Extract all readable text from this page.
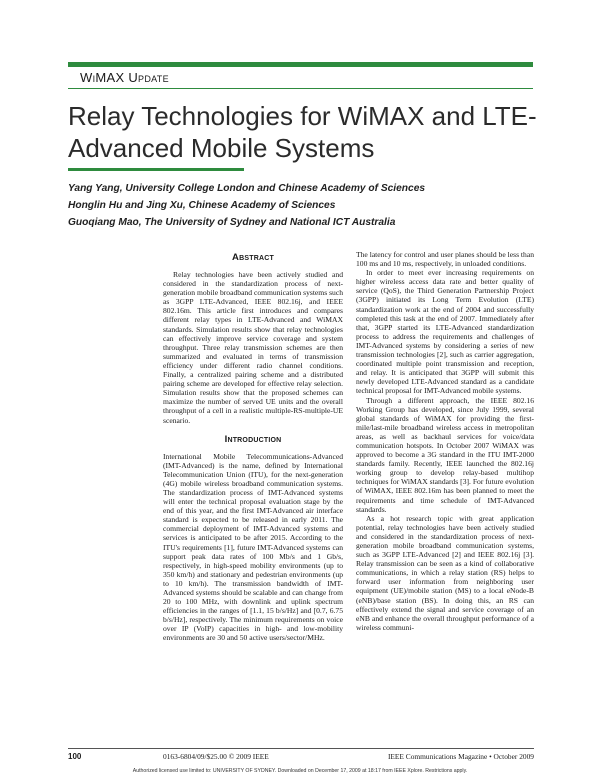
WiMAX Update
Relay Technologies for WiMAX and LTE-Advanced Mobile Systems
Yang Yang, University College London and Chinese Academy of Sciences
Honglin Hu and Jing Xu, Chinese Academy of Sciences
Guoqiang Mao, The University of Sydney and National ICT Australia
Abstract

Relay technologies have been actively studied and considered in the standardization process of next-generation mobile broadband communication systems such as 3GPP LTE-Advanced, IEEE 802.16j, and IEEE 802.16m. This article first introduces and compares different relay types in LTE-Advanced and WiMAX standards. Simulation results show that relay technologies can effectively improve service coverage and system throughput. Three relay transmission schemes are then summarized and evaluated in terms of transmission efficiency under different radio channel conditions. Finally, a centralized pairing scheme and a distributed pairing scheme are developed for effective relay selection. Simulation results show that the proposed schemes can maximize the number of served UE units and the overall throughput of a cell in a realistic multiple-RS-multiple-UE scenario.

Introduction

International Mobile Telecommunications-Advanced (IMT-Advanced) is the name, defined by International Telecommunication Union (ITU), for the next-generation (4G) mobile wireless broadband communication systems. The standardization process of IMT-Advanced systems will enter the technical proposal evaluation stage by the end of this year, and the first IMT-Advanced air interface standard is expected to be released in early 2011. The commercial deployment of IMT-Advanced systems and services is anticipated to be after 2015. According to the ITU's requirements [1], future IMT-Advanced systems can support peak data rates of 100 Mb/s and 1 Gb/s, respectively, in high-speed mobility environments (up to 350 km/h) and stationary and pedestrian environments (up to 10 km/h). The transmission bandwidth of IMT-Advanced systems should be scalable and can change from 20 to 100 MHz, with downlink and uplink spectrum efficiencies in the ranges of [1.1, 15 b/s/Hz] and [0.7, 6.75 b/s/Hz], respectively. The minimum requirements on voice over IP (VoIP) capacities in high- and low-mobility environments are 30 and 50 active users/sector/MHz.

The latency for control and user planes should be less than 100 ms and 10 ms, respectively, in unloaded conditions.

In order to meet ever increasing requirements on higher wireless access data rate and better quality of service (QoS), the Third Generation Partnership Project (3GPP) initiated its Long Term Evolution (LTE) standardization work at the end of 2004 and successfully completed this task at the end of 2007. Immediately after that, 3GPP started its LTE-Advanced standardization process to address the requirements and challenges of IMT-Advanced systems by considering a series of new transmission technologies [2], such as carrier aggregation, coordinated multiple point transmission and reception, and relay. It is anticipated that 3GPP will submit this newly developed LTE-Advanced standard as a candidate technical proposal for IMT-Advanced mobile systems.

Through a different approach, the IEEE 802.16 Working Group has developed, since July 1999, several global standards of WiMAX for providing the first-mile/last-mile broadband wireless access in metropolitan areas, as well as backhaul services for voice/data communication hotspots. In October 2007 WiMAX was approved to become a 3G standard in the ITU IMT-2000 standards family. Recently, IEEE launched the 802.16j working group to develop relay-based multihop techniques for WiMAX standards [3]. For future evolution of WiMAX, IEEE 802.16m has been planned to meet the requirements and time schedule of IMT-Advanced standards.

As a hot research topic with great application potential, relay technologies have been actively studied and considered in the standardization process of next-generation mobile broadband communication systems, such as 3GPP LTE-Advanced [2] and IEEE 802.16j [3]. Relay transmission can be seen as a kind of collaborative communications, in which a relay station (RS) helps to forward user information from neighboring user equipment (UE)/mobile station (MS) to a local eNode-B (eNB)/base station (BS). In doing this, an RS can effectively extend the signal and service coverage of an eNB and enhance the overall throughput performance of a wireless communi-

100	0163-6804/09/$25.00 © 2009 IEEE	IEEE Communications Magazine • October 2009
Authorized licensed use limited to: UNIVERSITY OF SYDNEY. Downloaded on December 17, 2009 at 18:17 from IEEE Xplore. Restrictions apply.
